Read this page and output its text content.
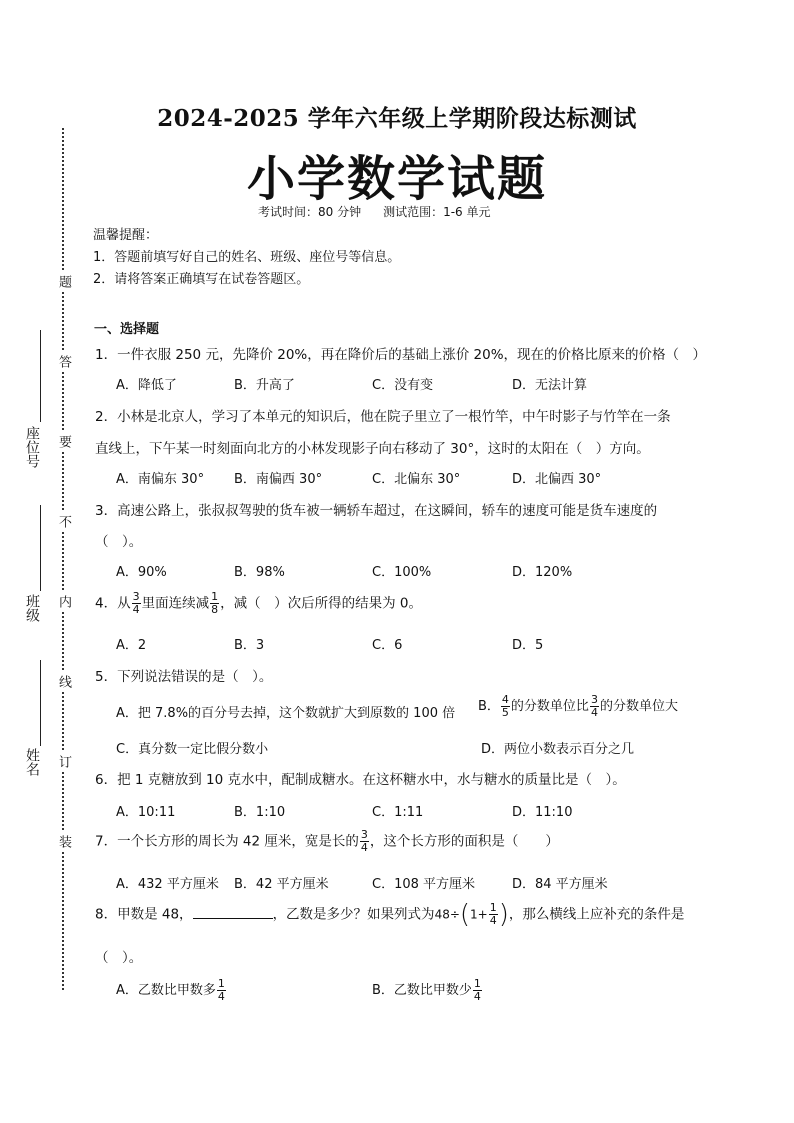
题
答
要
不
内
线
订
装
座位号
班级
姓名
2024-2025 学年六年级上学期阶段达标测试
小学数学试题
考试时间：80 分钟 测试范围：1-6 单元
温馨提醒：
1．答题前填写好自己的姓名、班级、座位号等信息。
2．请将答案正确填写在试卷答题区。
一、选择题
1．一件衣服 250 元，先降价 20%，再在降价后的基础上涨价 20%，现在的价格比原来的价格（　）
A．降低了	B．升高了	C．没有变	D．无法计算
2．小林是北京人，学习了本单元的知识后，他在院子里立了一根竹竿，中午时影子与竹竿在一条
直线上，下午某一时刻面向北方的小林发现影子向右移动了 30°，这时的太阳在（　）方向。
A．南偏东 30° B．南偏西 30°	C．北偏东 30°	D．北偏西 30°
3．高速公路上，张叔叔驾驶的货车被一辆轿车超过，在这瞬间，轿车的速度可能是货车速度的
（　）。
A．90%	B．98%	C．100%	D．120%
4．从 $\frac{3}{4}$ 里面连续减 $\frac{1}{8}$ ，减（　）次后所得的结果为 0。
A．2	B．3	C．6	D．5
5．下列说法错误的是（　）。
A．把 7.8%的百分号去掉，这个数就扩大到原数的 100 倍 B． $\frac{4}{5}$ 的分数单位比 $\frac{3}{4}$ 的分数单位大
C．真分数一定比假分数小	D．两位小数表示百分之几
6．把 1 克糖放到 10 克水中，配制成糖水。在这杯糖水中，水与糖水的质量比是（　）。
A．10:11	B．1:10	C．1:11	D．11:10
7．一个长方形的周长为 42 厘米，宽是长的 $\frac{3}{4}$ ，这个长方形的面积是（　　）
A．432 平方厘米 B．42 平方厘米	C．108 平方厘米	D．84 平方厘米
8．甲数是 48，	，乙数是多少？如果列式为$48\div(1+ \frac{1}{4}$ )，那么横线上应补充的条件是
（　）。
A．乙数比甲数多 $\frac{1}{4}$	B．乙数比甲数少 $\frac{1}{4}$
